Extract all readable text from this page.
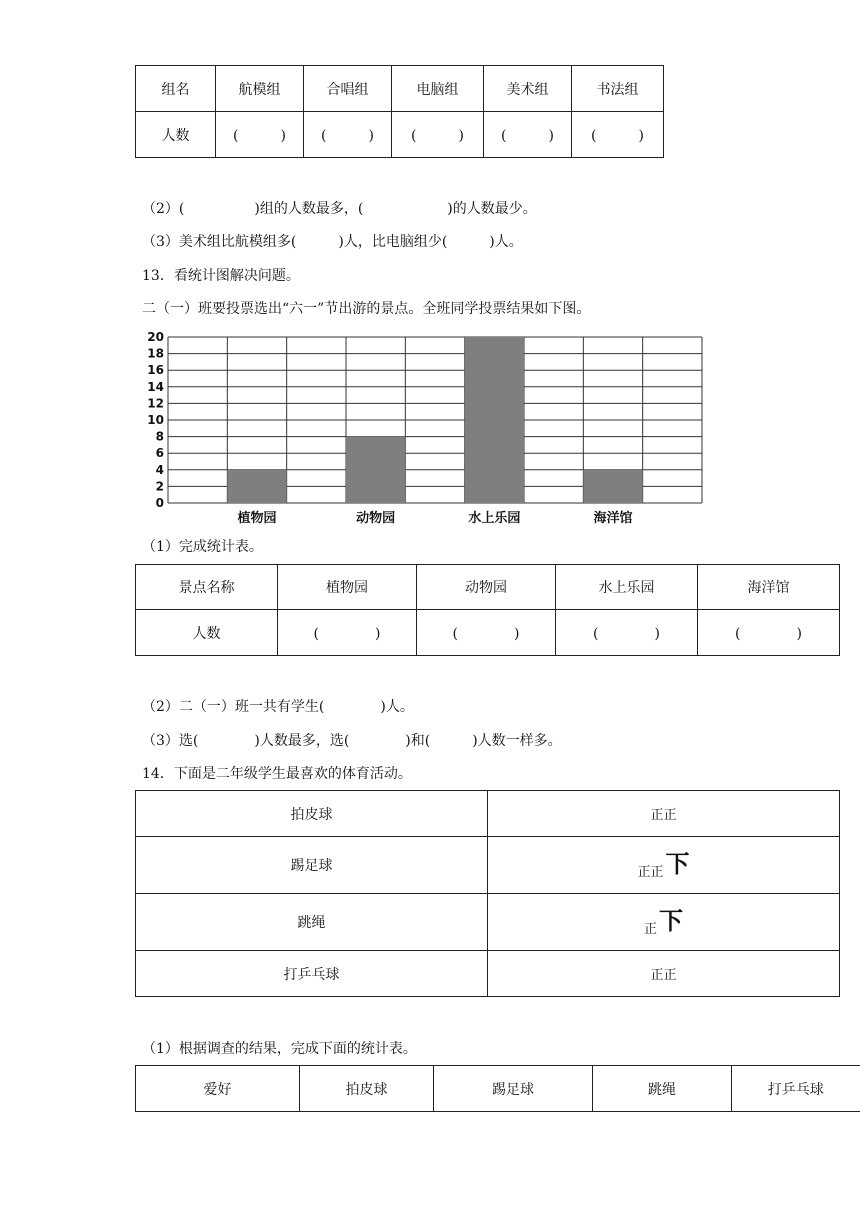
组名	航模组	合唱组	电脑组	美术组	书法组
人数	(　　　)	(　　　)	(　　　)	(　　　)	(　　　)
（2）(　　　　　)组的人数最多，(　　　　　　)的人数最少。
（3）美术组比航模组多(　　　)人，比电脑组少(　　　)人。
13．看统计图解决问题。
二（一）班要投票选出“六一”节出游的景点。全班同学投票结果如下图。
0
2
4
6
8
10
12
14
16
18
20
植物园	动物园	水上乐园	海洋馆
（1）完成统计表。
景点名称	植物园	动物园	水上乐园	海洋馆
人数	(　　　　)	(　　　　)	(　　　　)	(　　　　)
（2）二（一）班一共有学生(　　　　)人。
（3）选(　　　　)人数最多，选(　　　　)和(　　　)人数一样多。
14．下面是二年级学生最喜欢的体育活动。
拍皮球	正正
踢足球	正正下
跳绳	正下
打乒乓球	正正
（1）根据调查的结果，完成下面的统计表。
爱好	拍皮球	踢足球	跳绳	打乒乓球
